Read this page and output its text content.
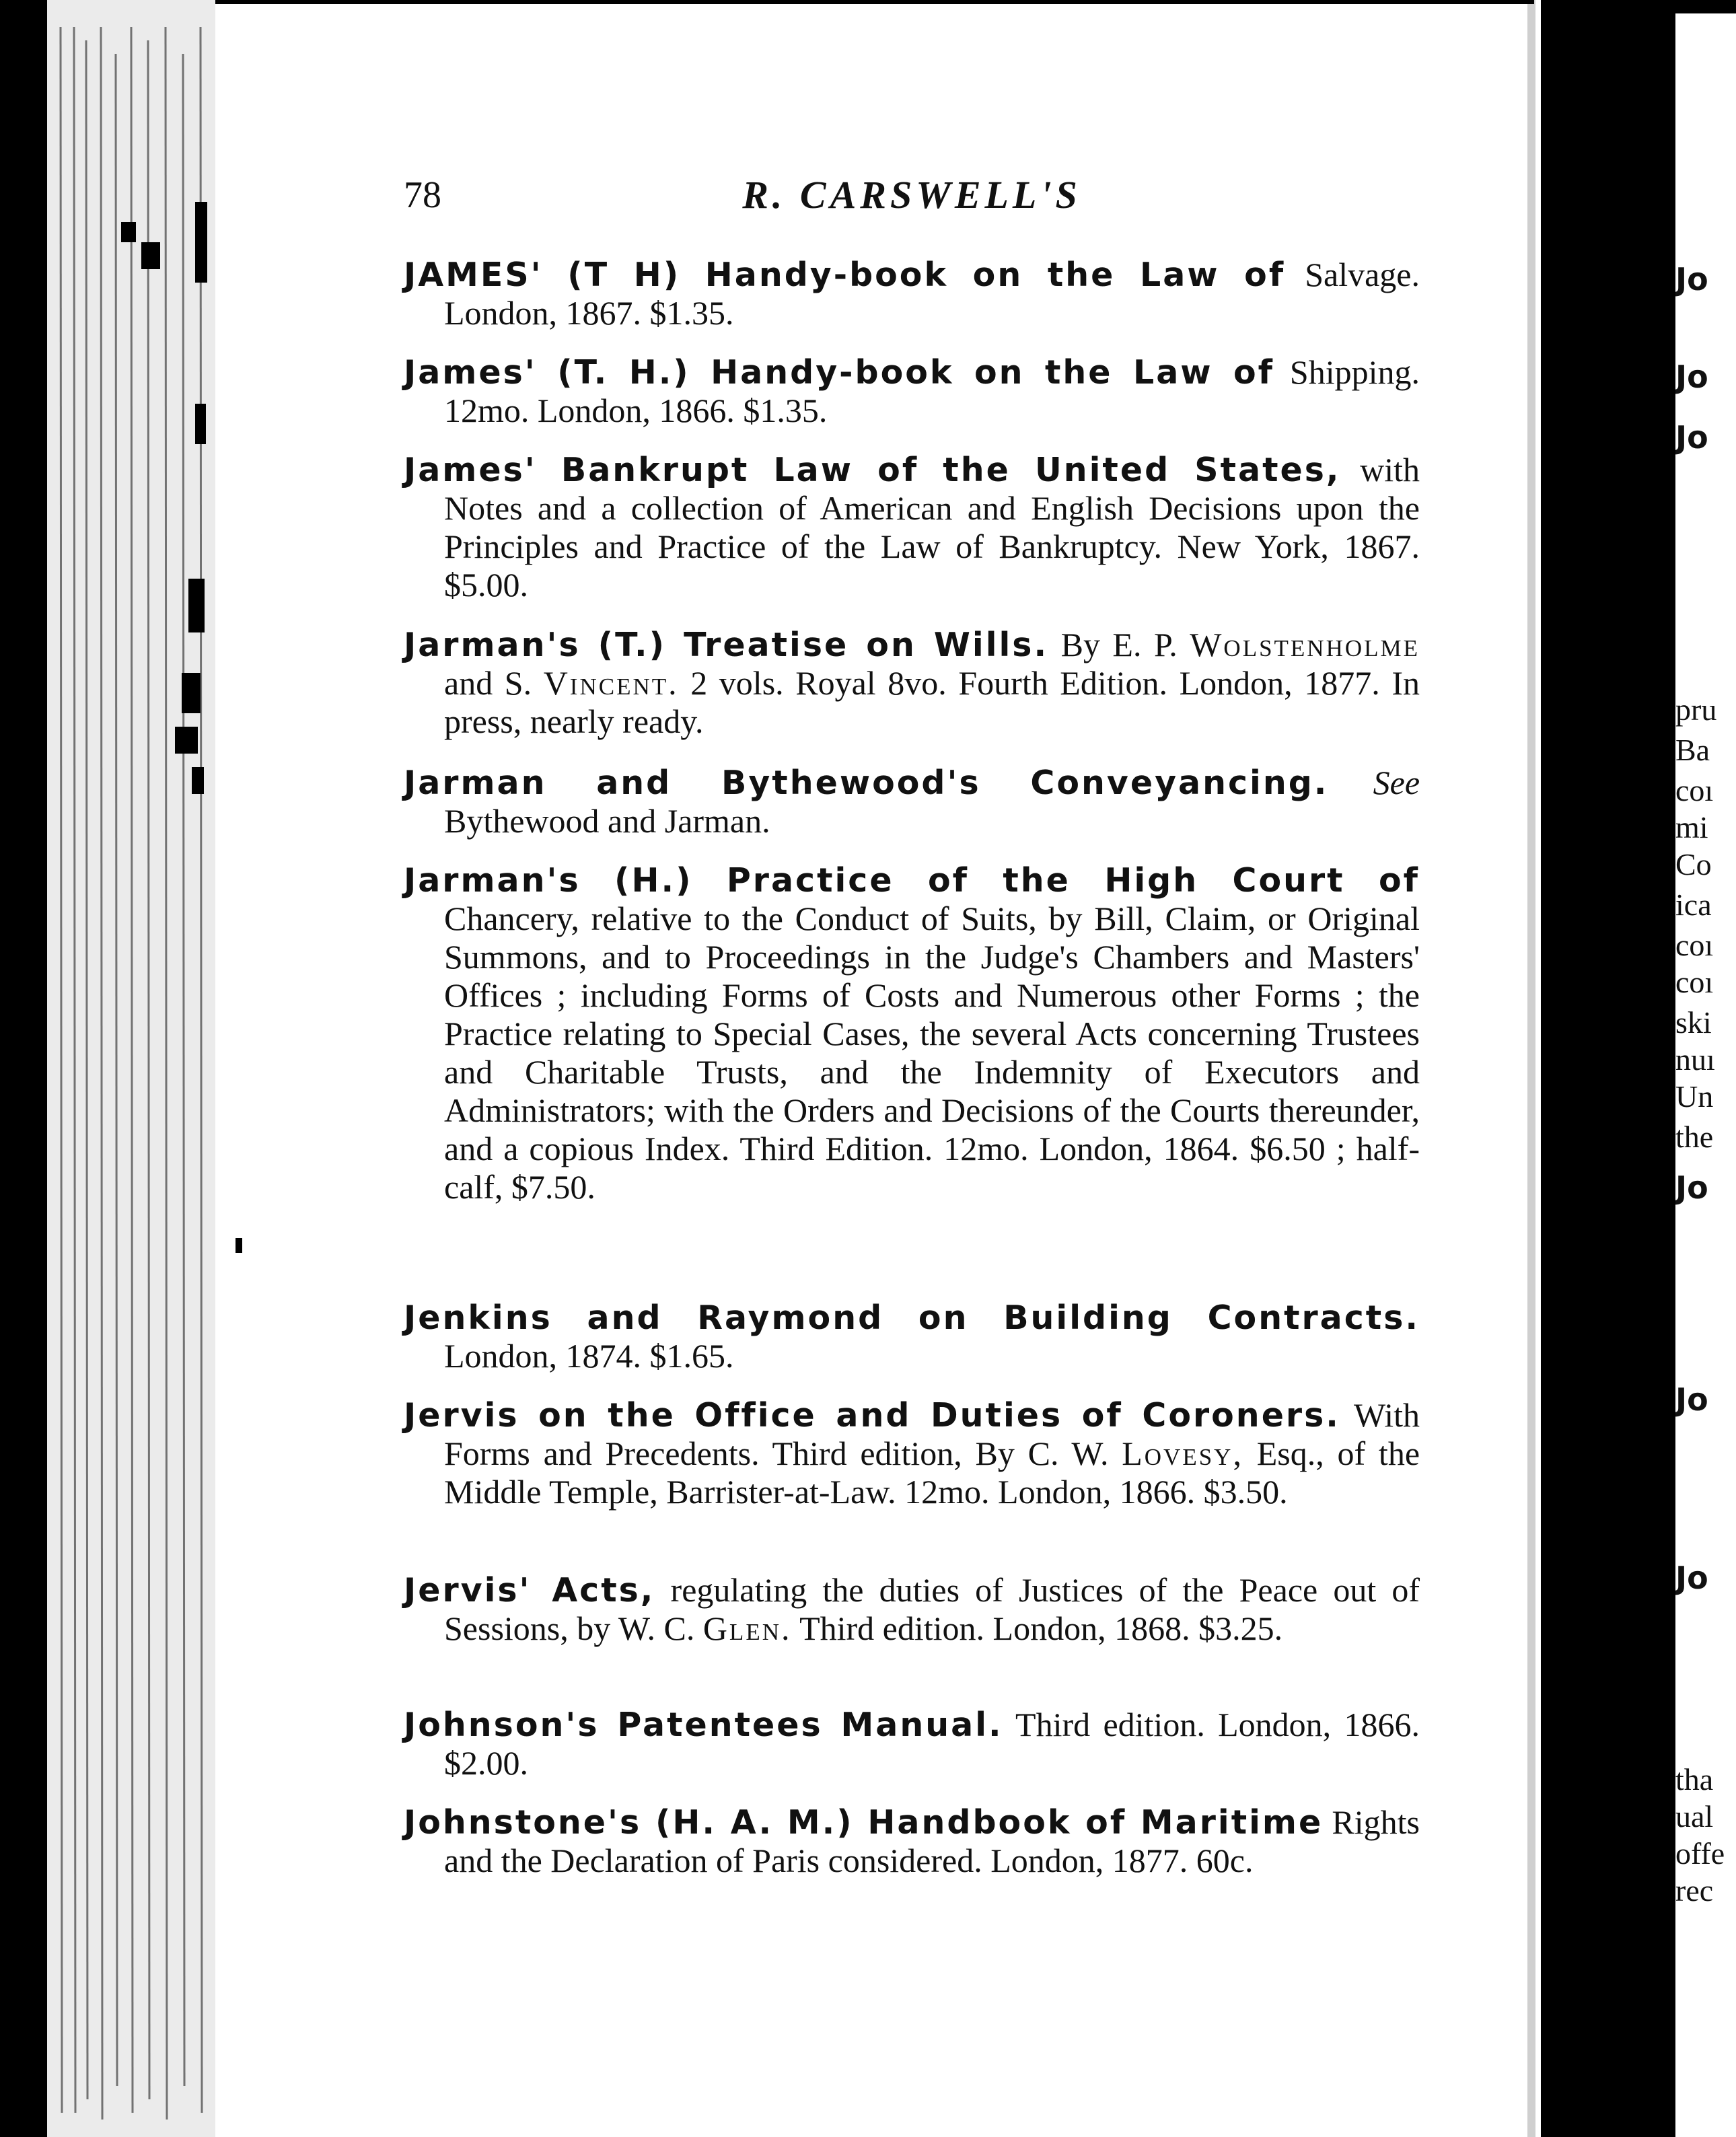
78	R. CARSWELL'S

JAMES' (T H) Handy-book on the Law of Salvage. London, 1867. $1.35.

James' (T. H.) Handy-book on the Law of Shipping. 12mo. London, 1866. $1.35.

James' Bankrupt Law of the United States, with Notes and a collection of American and English Decisions upon the Principles and Practice of the Law of Bankruptcy. New York, 1867. $5.00.

Jarman's (T.) Treatise on Wills. By E. P. Wolstenholme and S. Vincent. 2 vols. Royal 8vo. Fourth Edition. London, 1877. In press, nearly ready.

Jarman and Bythewood's Conveyancing. See Bythewood and Jarman.

Jarman's (H.) Practice of the High Court of Chancery, relative to the Conduct of Suits, by Bill, Claim, or Original Summons, and to Proceedings in the Judge's Chambers and Masters' Offices ; including Forms of Costs and Numerous other Forms ; the Practice relating to Special Cases, the several Acts concerning Trustees and Charitable Trusts, and the Indemnity of Executors and Administrators; with the Orders and Decisions of the Courts thereunder, and a copious Index. Third Edition. 12mo. London, 1864. $6.50 ; half-calf, $7.50.

Jenkins and Raymond on Building Contracts. London, 1874. $1.65.

Jervis on the Office and Duties of Coroners. With Forms and Precedents. Third edition, By C. W. Lovesy, Esq., of the Middle Temple, Barrister-at-Law. 12mo. London, 1866. $3.50.

Jervis' Acts, regulating the duties of Justices of the Peace out of Sessions, by W. C. Glen. Third edition. London, 1868. $3.25.

Johnson's Patentees Manual. Third edition. London, 1866. $2.00.

Johnstone's (H. A. M.) Handbook of Maritime Rights and the Declaration of Paris considered. London, 1877. 60c.

Jo
Jo
Jo
pru
Ba
coı
mi
Co
ica
coı
coı
ski
nuı
Un
the
Jo
Jo
Jo
tha
ual
offe
rec
